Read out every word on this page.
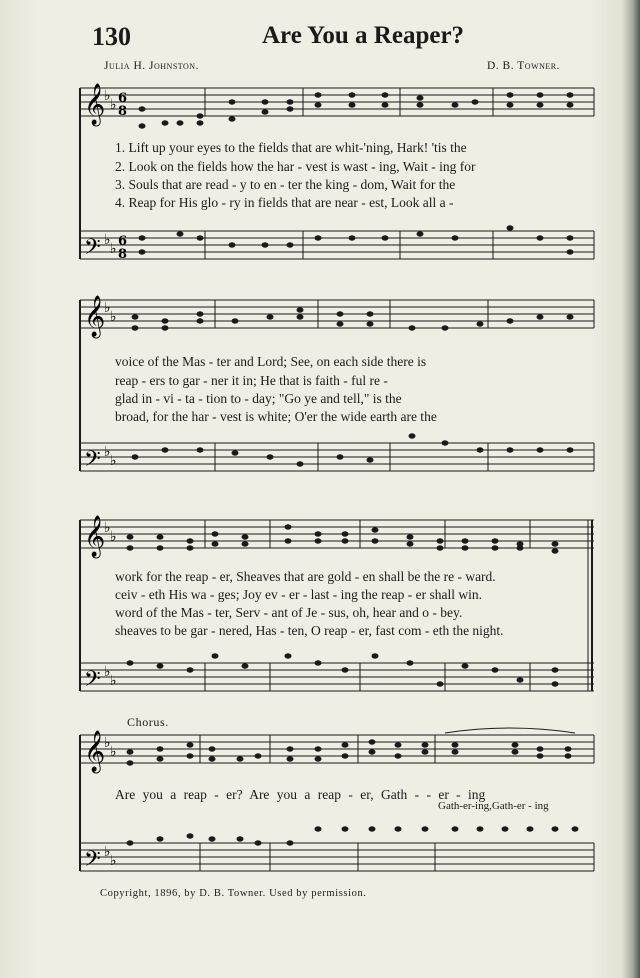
130	Are You a Reaper?
Julia H. Johnston.	D. B. Towner.
𝄞
𝄢
♭
♭
♭
♭
6
8
6
8
1. Lift up your eyes to the fields that are whit-'ning, Hark! 'tis the
2. Look on the fields how the har - vest is wast - ing, Wait - ing for
3. Souls that are read - y to en - ter the king - dom, Wait for the
4. Reap for His glo - ry in fields that are near - est, Look all a -
𝄞
𝄢
♭
♭
♭
♭
voice of the Mas - ter and Lord; See, on each side there is
reap - ers to gar - ner it in; He that is faith - ful re -
glad in - vi - ta - tion to - day; "Go ye and tell," is the
broad, for the har - vest is white; O'er the wide earth are the
𝄞
𝄢
♭
♭
♭
♭
work for the reap - er, Sheaves that are gold - en shall be the re - ward.
ceiv - eth His wa - ges; Joy ev - er - last - ing the reap - er shall win.
word of the Mas - ter, Serv - ant of Je - sus, oh, hear and o - bey.
sheaves to be gar - nered, Has - ten, O reap - er, fast com - eth the night.
Chorus.
𝄞
𝄢
♭
♭
♭
♭
Are you a reap - er? Are you a reap - er, Gath - - er - ing
Gath-er-ing,Gath-er - ing
Copyright, 1896, by D. B. Towner. Used by permission.
